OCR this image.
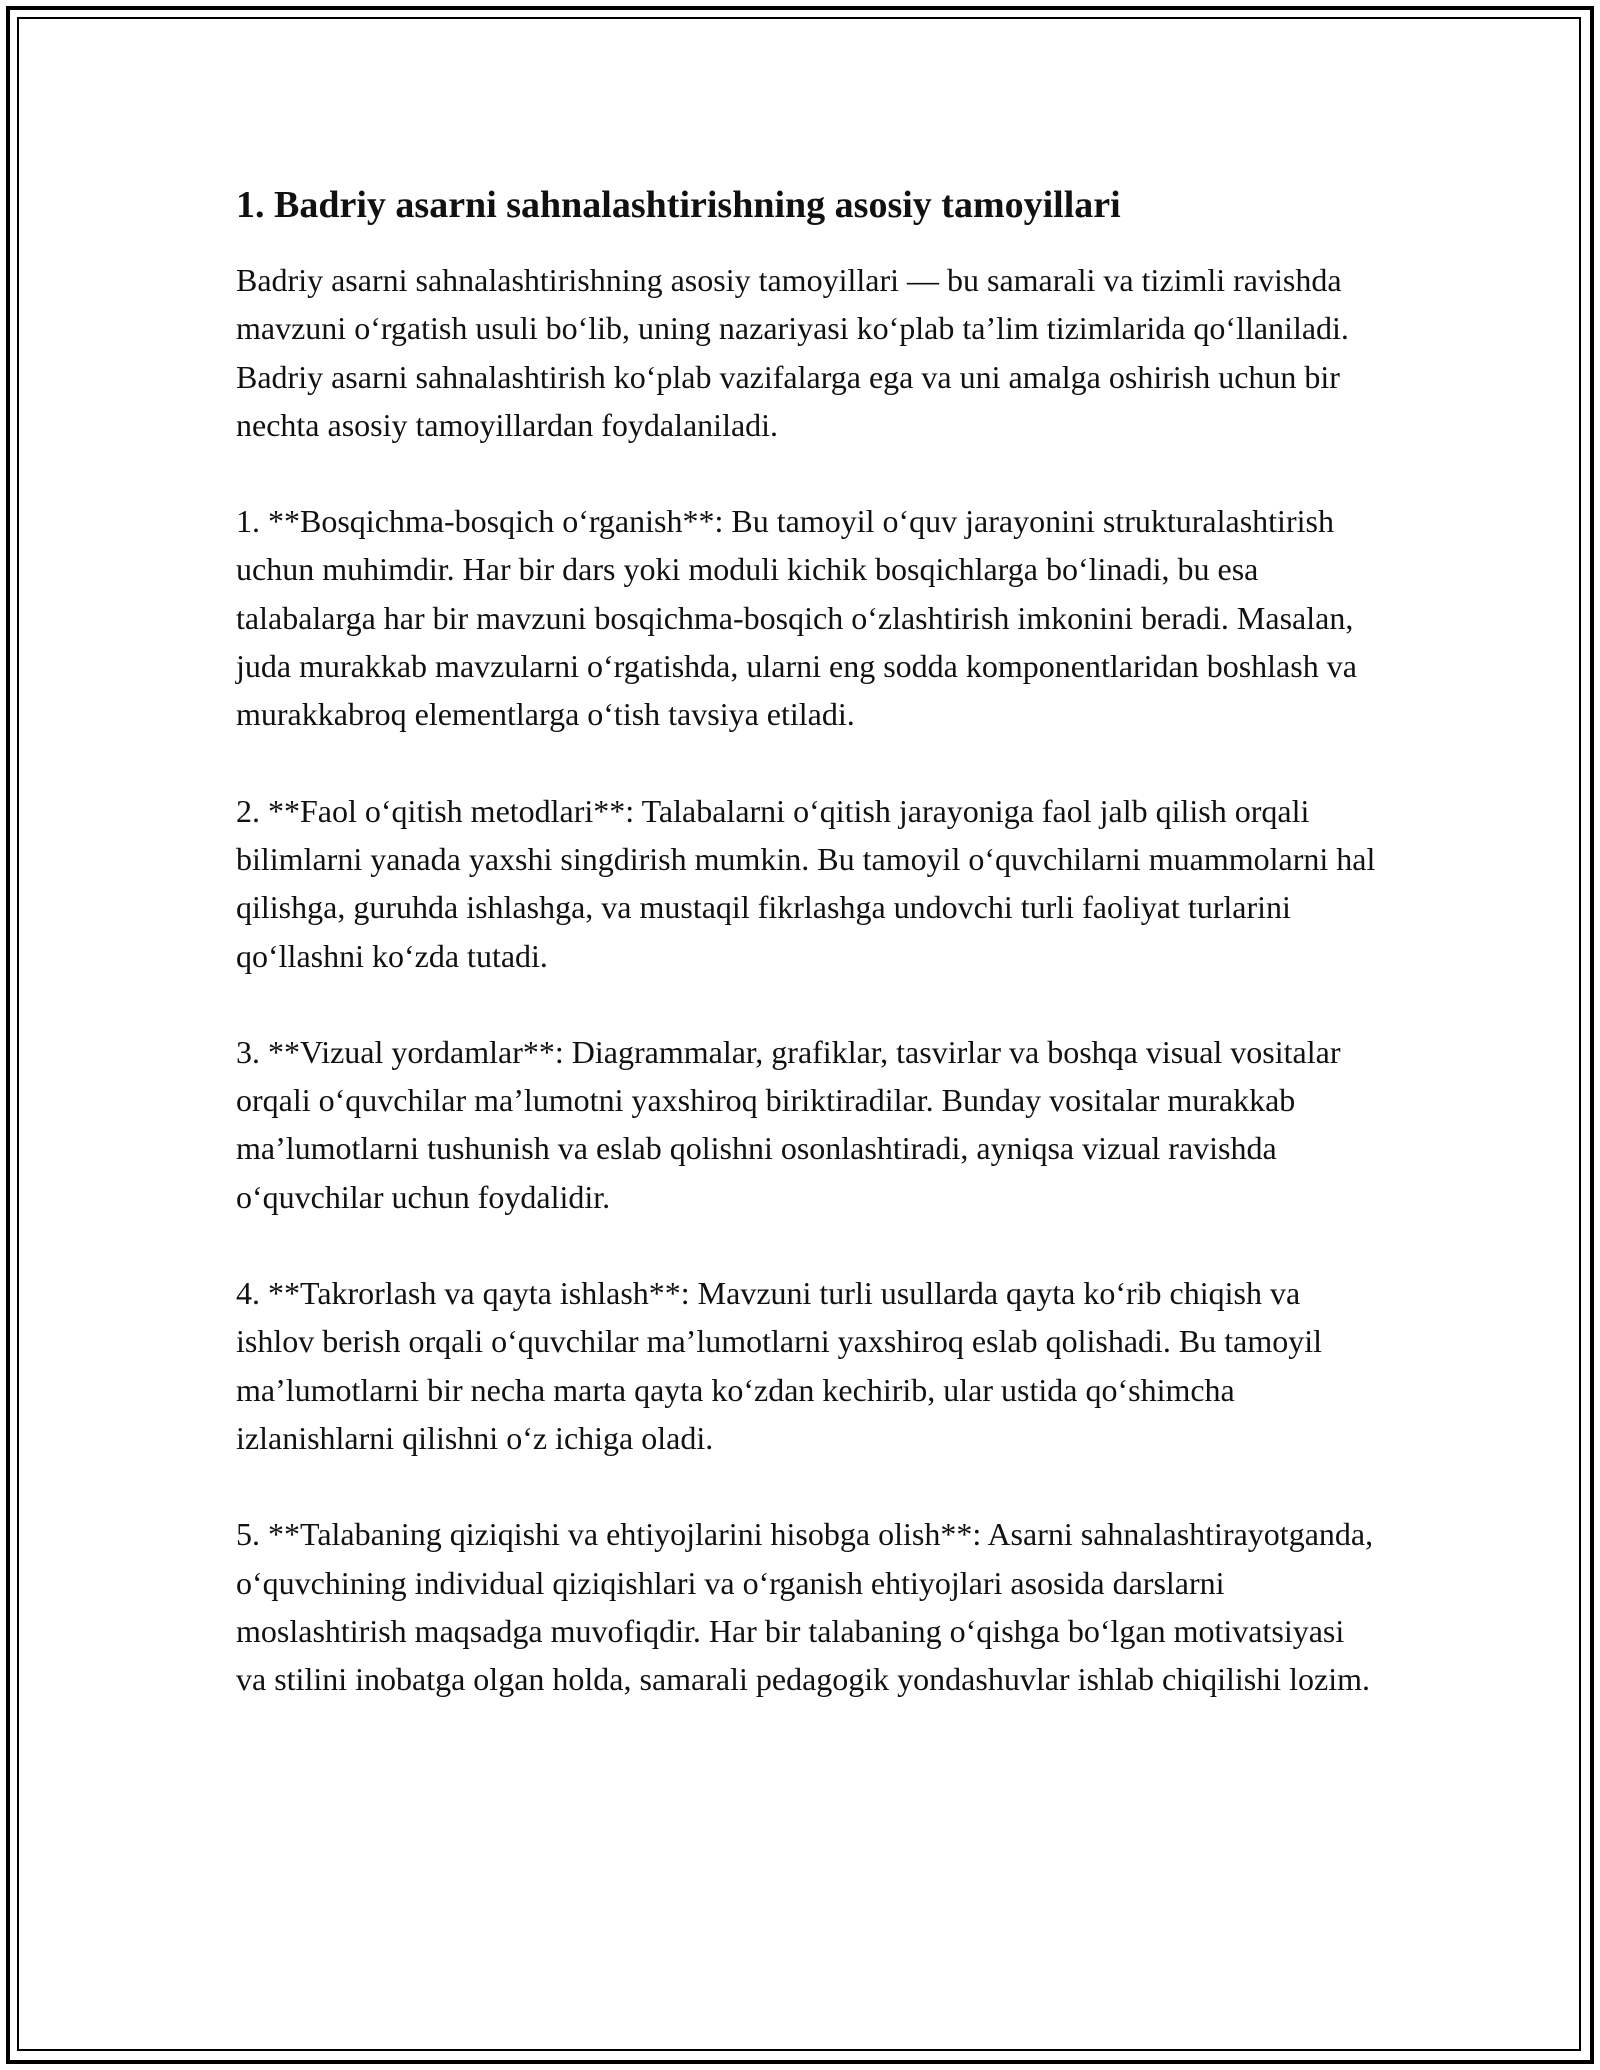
1. Badriy asarni sahnalashtirishning asosiy tamoyillari

Badriy asarni sahnalashtirishning asosiy tamoyillari — bu samarali va tizimli ravishda mavzuni o‘rgatish usuli bo‘lib, uning nazariyasi ko‘plab ta’lim tizimlarida qo‘llaniladi. Badriy asarni sahnalashtirish ko‘plab vazifalarga ega va uni amalga oshirish uchun bir nechta asosiy tamoyillardan foydalaniladi.

1. **Bosqichma-bosqich o‘rganish**: Bu tamoyil o‘quv jarayonini strukturalashtirish uchun muhimdir. Har bir dars yoki moduli kichik bosqichlarga bo‘linadi, bu esa talabalarga har bir mavzuni bosqichma-bosqich o‘zlashtirish imkonini beradi. Masalan, juda murakkab mavzularni o‘rgatishda, ularni eng sodda komponentlaridan boshlash va murakkabroq elementlarga o‘tish tavsiya etiladi.

2. **Faol o‘qitish metodlari**: Talabalarni o‘qitish jarayoniga faol jalb qilish orqali bilimlarni yanada yaxshi singdirish mumkin. Bu tamoyil o‘quvchilarni muammolarni hal qilishga, guruhda ishlashga, va mustaqil fikrlashga undovchi turli faoliyat turlarini qo‘llashni ko‘zda tutadi.

3. **Vizual yordamlar**: Diagrammalar, grafiklar, tasvirlar va boshqa visual vositalar orqali o‘quvchilar ma’lumotni yaxshiroq biriktiradilar. Bunday vositalar murakkab ma’lumotlarni tushunish va eslab qolishni osonlashtiradi, ayniqsa vizual ravishda o‘quvchilar uchun foydalidir.

4. **Takrorlash va qayta ishlash**: Mavzuni turli usullarda qayta ko‘rib chiqish va ishlov berish orqali o‘quvchilar ma’lumotlarni yaxshiroq eslab qolishadi. Bu tamoyil ma’lumotlarni bir necha marta qayta ko‘zdan kechirib, ular ustida qo‘shimcha izlanishlarni qilishni o‘z ichiga oladi.

5. **Talabaning qiziqishi va ehtiyojlarini hisobga olish**: Asarni sahnalashtirayotganda, o‘quvchining individual qiziqishlari va o‘rganish ehtiyojlari asosida darslarni moslashtirish maqsadga muvofiqdir. Har bir talabaning o‘qishga bo‘lgan motivatsiyasi va stilini inobatga olgan holda, samarali pedagogik yondashuvlar ishlab chiqilishi lozim.
